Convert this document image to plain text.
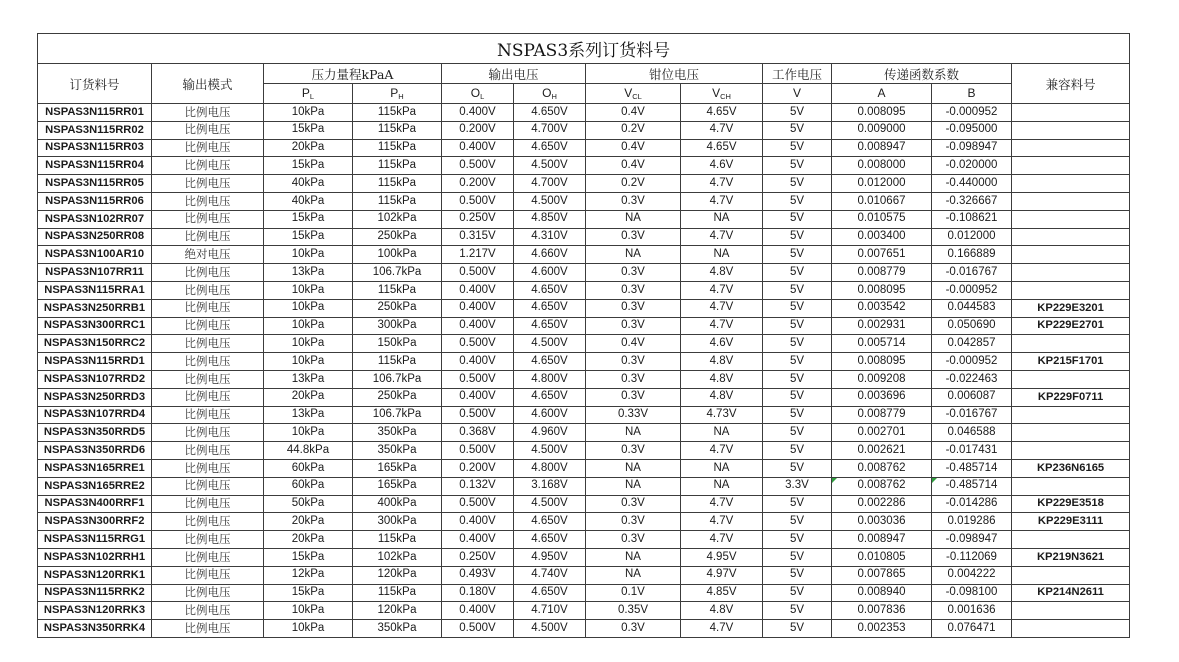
NSPAS3系列订货料号											
订货料号	输出模式	压力量程kPaA		输出电压		钳位电压		工作电压	传递函数系数		兼容料号
		$P_L$	$P_H$	$O_L$	$O_H$	$V_{CL}$	$V_{CH}$	V	A	B	
NSPAS3N115RR01	比例电压	10kPa	115kPa	0.400V	4.650V	0.4V	4.65V	5V	0.008095	-0.000952	
NSPAS3N115RR02	比例电压	15kPa	115kPa	0.200V	4.700V	0.2V	4.7V	5V	0.009000	-0.095000	
NSPAS3N115RR03	比例电压	20kPa	115kPa	0.400V	4.650V	0.4V	4.65V	5V	0.008947	-0.098947	
NSPAS3N115RR04	比例电压	15kPa	115kPa	0.500V	4.500V	0.4V	4.6V	5V	0.008000	-0.020000	
NSPAS3N115RR05	比例电压	40kPa	115kPa	0.200V	4.700V	0.2V	4.7V	5V	0.012000	-0.440000	
NSPAS3N115RR06	比例电压	40kPa	115kPa	0.500V	4.500V	0.3V	4.7V	5V	0.010667	-0.326667	
NSPAS3N102RR07	比例电压	15kPa	102kPa	0.250V	4.850V	NA	NA	5V	0.010575	-0.108621	
NSPAS3N250RR08	比例电压	15kPa	250kPa	0.315V	4.310V	0.3V	4.7V	5V	0.003400	0.012000	
NSPAS3N100AR10	绝对电压	10kPa	100kPa	1.217V	4.660V	NA	NA	5V	0.007651	0.166889	
NSPAS3N107RR11	比例电压	13kPa	106.7kPa	0.500V	4.600V	0.3V	4.8V	5V	0.008779	-0.016767	
NSPAS3N115RRA1	比例电压	10kPa	115kPa	0.400V	4.650V	0.3V	4.7V	5V	0.008095	-0.000952	
NSPAS3N250RRB1	比例电压	10kPa	250kPa	0.400V	4.650V	0.3V	4.7V	5V	0.003542	0.044583	KP229E3201
NSPAS3N300RRC1	比例电压	10kPa	300kPa	0.400V	4.650V	0.3V	4.7V	5V	0.002931	0.050690	KP229E2701
NSPAS3N150RRC2	比例电压	10kPa	150kPa	0.500V	4.500V	0.4V	4.6V	5V	0.005714	0.042857	
NSPAS3N115RRD1	比例电压	10kPa	115kPa	0.400V	4.650V	0.3V	4.8V	5V	0.008095	-0.000952	KP215F1701
NSPAS3N107RRD2	比例电压	13kPa	106.7kPa	0.500V	4.800V	0.3V	4.8V	5V	0.009208	-0.022463	
NSPAS3N250RRD3	比例电压	20kPa	250kPa	0.400V	4.650V	0.3V	4.8V	5V	0.003696	0.006087	KP229F0711
NSPAS3N107RRD4	比例电压	13kPa	106.7kPa	0.500V	4.600V	0.33V	4.73V	5V	0.008779	-0.016767	
NSPAS3N350RRD5	比例电压	10kPa	350kPa	0.368V	4.960V	NA	NA	5V	0.002701	0.046588	
NSPAS3N350RRD6	比例电压	44.8kPa	350kPa	0.500V	4.500V	0.3V	4.7V	5V	0.002621	-0.017431	
NSPAS3N165RRE1	比例电压	60kPa	165kPa	0.200V	4.800V	NA	NA	5V	0.008762	-0.485714	KP236N6165
NSPAS3N165RRE2	比例电压	60kPa	165kPa	0.132V	3.168V	NA	NA	3.3V	0.008762	-0.485714	
NSPAS3N400RRF1	比例电压	50kPa	400kPa	0.500V	4.500V	0.3V	4.7V	5V	0.002286	-0.014286	KP229E3518
NSPAS3N300RRF2	比例电压	20kPa	300kPa	0.400V	4.650V	0.3V	4.7V	5V	0.003036	0.019286	KP229E3111
NSPAS3N115RRG1	比例电压	20kPa	115kPa	0.400V	4.650V	0.3V	4.7V	5V	0.008947	-0.098947	
NSPAS3N102RRH1	比例电压	15kPa	102kPa	0.250V	4.950V	NA	4.95V	5V	0.010805	-0.112069	KP219N3621
NSPAS3N120RRK1	比例电压	12kPa	120kPa	0.493V	4.740V	NA	4.97V	5V	0.007865	0.004222	
NSPAS3N115RRK2	比例电压	15kPa	115kPa	0.180V	4.650V	0.1V	4.85V	5V	0.008940	-0.098100	KP214N2611
NSPAS3N120RRK3	比例电压	10kPa	120kPa	0.400V	4.710V	0.35V	4.8V	5V	0.007836	0.001636	
NSPAS3N350RRK4	比例电压	10kPa	350kPa	0.500V	4.500V	0.3V	4.7V	5V	0.002353	0.076471	
